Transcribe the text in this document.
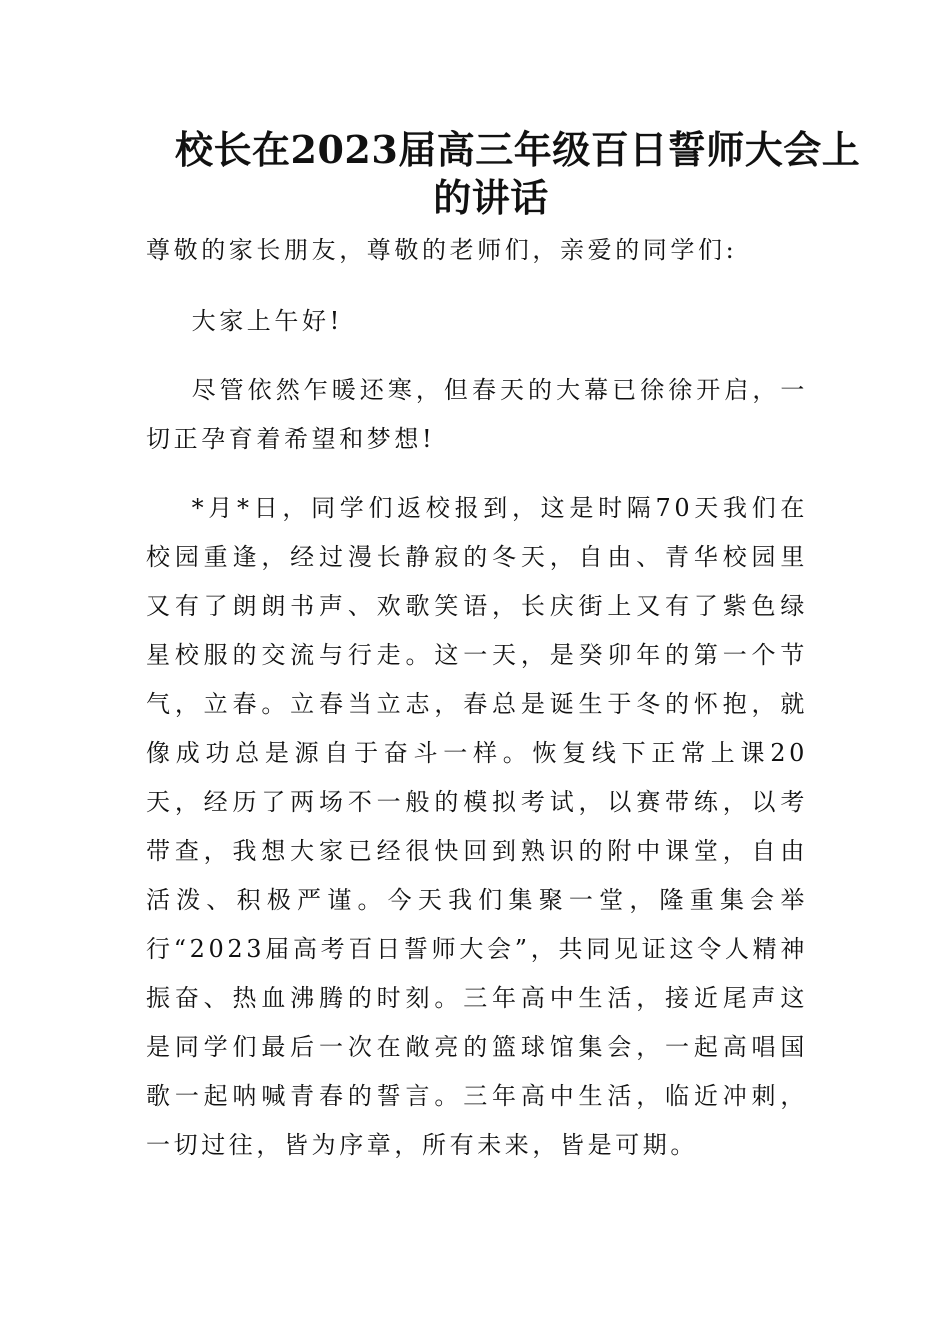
校长在2023届高三年级百日誓师大会上
的讲话

尊敬的家长朋友，尊敬的老师们，亲爱的同学们:

大家上午好!

尽管依然乍暖还寒，但春天的大幕已徐徐开启，一切正孕育着希望和梦想!

*月*日，同学们返校报到，这是时隔70天我们在校园重逢，经过漫长静寂的冬天，自由、青华校园里又有了朗朗书声、欢歌笑语，长庆街上又有了紫色绿星校服的交流与行走。这一天，是癸卯年的第一个节气，立春。立春当立志，春总是诞生于冬的怀抱，就像成功总是源自于奋斗一样。恢复线下正常上课20天，经历了两场不一般的模拟考试，以赛带练，以考带查，我想大家已经很快回到熟识的附中课堂，自由活泼、积极严谨。今天我们集聚一堂，隆重集会举行“2023届高考百日誓师大会”，共同见证这令人精神振奋、热血沸腾的时刻。三年高中生活，接近尾声这是同学们最后一次在敞亮的篮球馆集会，一起高唱国歌一起呐喊青春的誓言。三年高中生活，临近冲刺，一切过往，皆为序章，所有未来，皆是可期。
